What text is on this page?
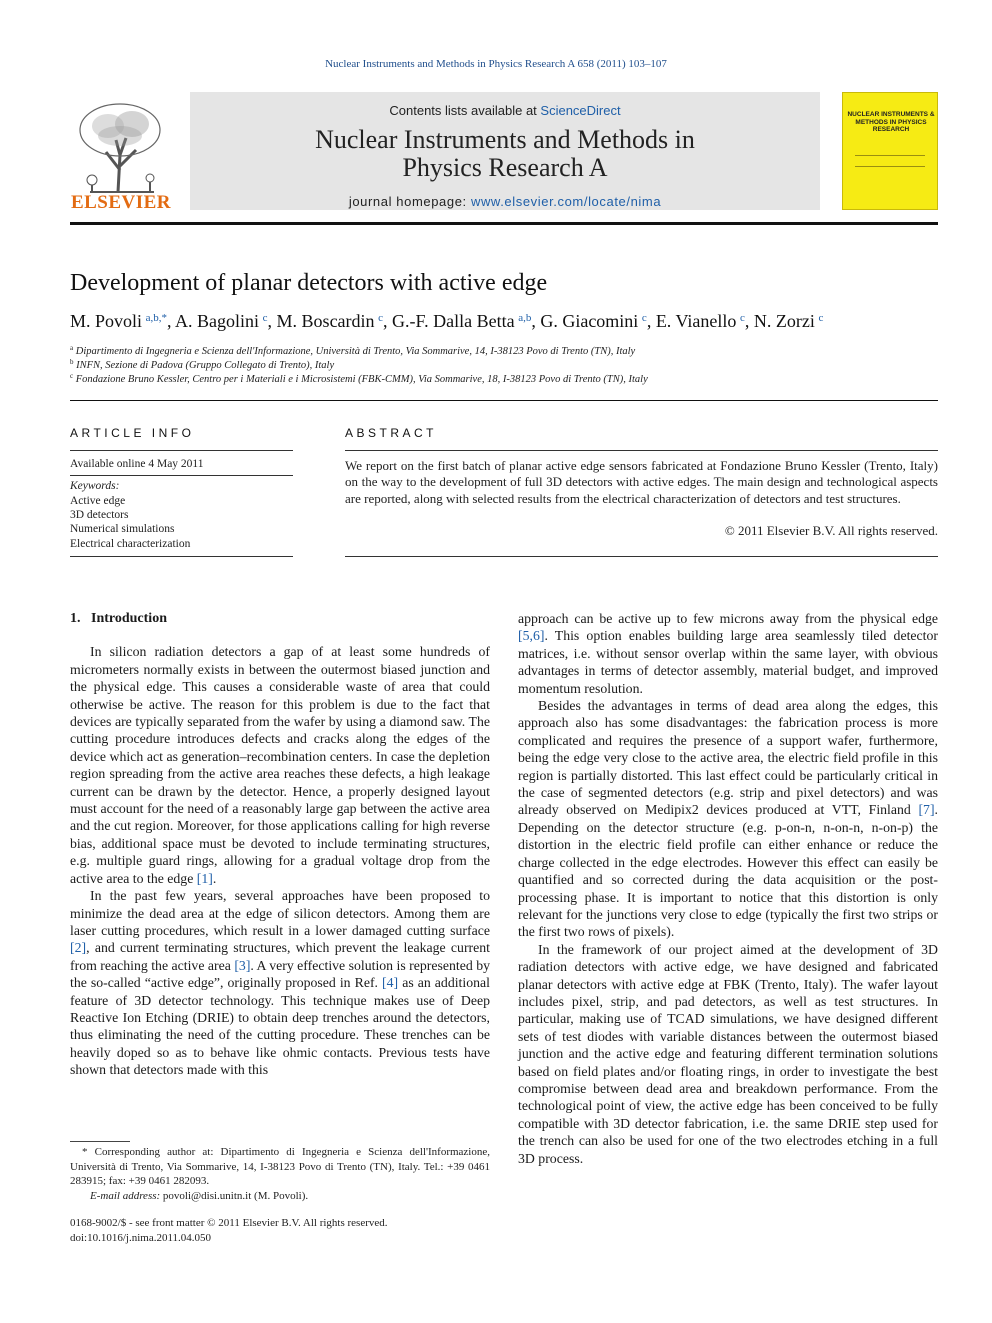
Nuclear Instruments and Methods in Physics Research A 658 (2011) 103–107
ELSEVIER
Contents lists available at ScienceDirect
Nuclear Instruments and Methods in
Physics Research A
journal homepage: www.elsevier.com/locate/nima
NUCLEAR INSTRUMENTS & METHODS IN PHYSICS RESEARCH
Development of planar detectors with active edge
M. Povoli  $^{a,b,*}$, A. Bagolini  $^c$, M. Boscardin  $^c$, G.-F. Dalla Betta  $^{a,b}$, G. Giacomini  $^c$, E. Vianello  $^c$, N. Zorzi  $^c$
$^a$ Dipartimento di Ingegneria e Scienza dell'Informazione, Università di Trento, Via Sommarive, 14, I-38123 Povo di Trento (TN), Italy
$^b$ INFN, Sezione di Padova (Gruppo Collegato di Trento), Italy
$^c$ Fondazione Bruno Kessler, Centro per i Materiali e i Microsistemi (FBK-CMM), Via Sommarive, 18, I-38123 Povo di Trento (TN), Italy
ARTICLE INFO	ABSTRACT
Available online 4 May 2011
Keywords:
Active edge
3D detectors
Numerical simulations
Electrical characterization
We report on the first batch of planar active edge sensors fabricated at Fondazione Bruno Kessler (Trento, Italy) on the way to the development of full 3D detectors with active edges. The main design and technological aspects are reported, along with selected results from the electrical characterization of detectors and test structures.
© 2011 Elsevier B.V. All rights reserved.
1. Introduction

In silicon radiation detectors a gap of at least some hundreds of micrometers normally exists in between the outermost biased junction and the physical edge. This causes a considerable waste of area that could otherwise be active. The reason for this problem is due to the fact that devices are typically separated from the wafer by using a diamond saw. The cutting procedure introduces defects and cracks along the edges of the device which act as generation–recombination centers. In case the depletion region spreading from the active area reaches these defects, a high leakage current can be drawn by the detector. Hence, a properly designed layout must account for the need of a reasonably large gap between the active area and the cut region. Moreover, for those applications calling for high reverse bias, additional space must be devoted to include terminating structures, e.g. multiple guard rings, allowing for a gradual voltage drop from the active area to the edge [1].

In the past few years, several approaches have been proposed to minimize the dead area at the edge of silicon detectors. Among them are laser cutting procedures, which result in a lower damaged cutting surface [2], and current terminating structures, which prevent the leakage current from reaching the active area [3]. A very effective solution is represented by the so-called “active edge”, originally proposed in Ref. [4] as an additional feature of 3D detector technology. This technique makes use of Deep Reactive Ion Etching (DRIE) to obtain deep trenches around the detectors, thus eliminating the need of the cutting procedure. These trenches can be heavily doped so as to behave like ohmic contacts. Previous tests have shown that detectors made with this

approach can be active up to few microns away from the physical edge [5,6]. This option enables building large area seamlessly tiled detector matrices, i.e. without sensor overlap within the same layer, with obvious advantages in terms of detector assembly, material budget, and improved momentum resolution.

Besides the advantages in terms of dead area along the edges, this approach also has some disadvantages: the fabrication process is more complicated and requires the presence of a support wafer, furthermore, being the edge very close to the active area, the electric field profile in this region is partially distorted. This last effect could be particularly critical in the case of segmented detectors (e.g. strip and pixel detectors) and was already observed on Medipix2 devices produced at VTT, Finland [7]. Depending on the detector structure (e.g. p-on-n, n-on-n, n-on-p) the distortion in the electric field profile can either enhance or reduce the charge collected in the edge electrodes. However this effect can easily be quantified and so corrected during the data acquisition or the post-processing phase. It is important to notice that this distortion is only relevant for the junctions very close to edge (typically the first two strips or the first two rows of pixels).

In the framework of our project aimed at the development of 3D radiation detectors with active edge, we have designed and fabricated planar detectors with active edge at FBK (Trento, Italy). The wafer layout includes pixel, strip, and pad detectors, as well as test structures. In particular, making use of TCAD simulations, we have designed different sets of test diodes with variable distances between the outermost biased junction and the active edge and featuring different termination solutions based on field plates and/or floating rings, in order to investigate the best compromise between dead area and breakdown performance. From the technological point of view, the active edge has been conceived to be fully compatible with 3D detector fabrication, i.e. the same DRIE step used for the trench can also be used for one of the two electrodes etching in a full 3D process.

* Corresponding author at: Dipartimento di Ingegneria e Scienza dell'Informazione, Università di Trento, Via Sommarive, 14, I-38123 Povo di Trento (TN), Italy. Tel.: +39 0461 283915; fax: +39 0461 282093.
E-mail address: povoli@disi.unitn.it (M. Povoli).
0168-9002/$ - see front matter © 2011 Elsevier B.V. All rights reserved.
doi:10.1016/j.nima.2011.04.050
